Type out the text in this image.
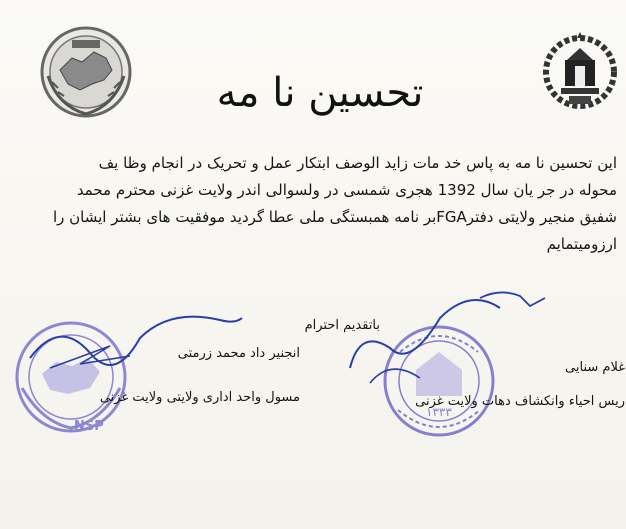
تحسین نا مه
این تحسین نا مه به پاس خد مات زاید الوصف ابتکار عمل و تحریک در انجام وظا یف
محوله در جر یان سال 1392 هجری شمسی در ولسوالی اندر ولایت غزنی محترم محمد
شفیق منجیر ولایتی دفترFGAبر نامه همبستگی ملی عطا گردید موفقیت های بشتر ایشان را
ارزومیتمایم
باتقدیم احترام
NSP
۱۳۳۳
انجنیر داد محمد زرمتی
مسول واحد اداری ولایتی ولایت غزنی
غلام سنایی
ریس احیاء وانکشاف دهات ولایت غزنی
